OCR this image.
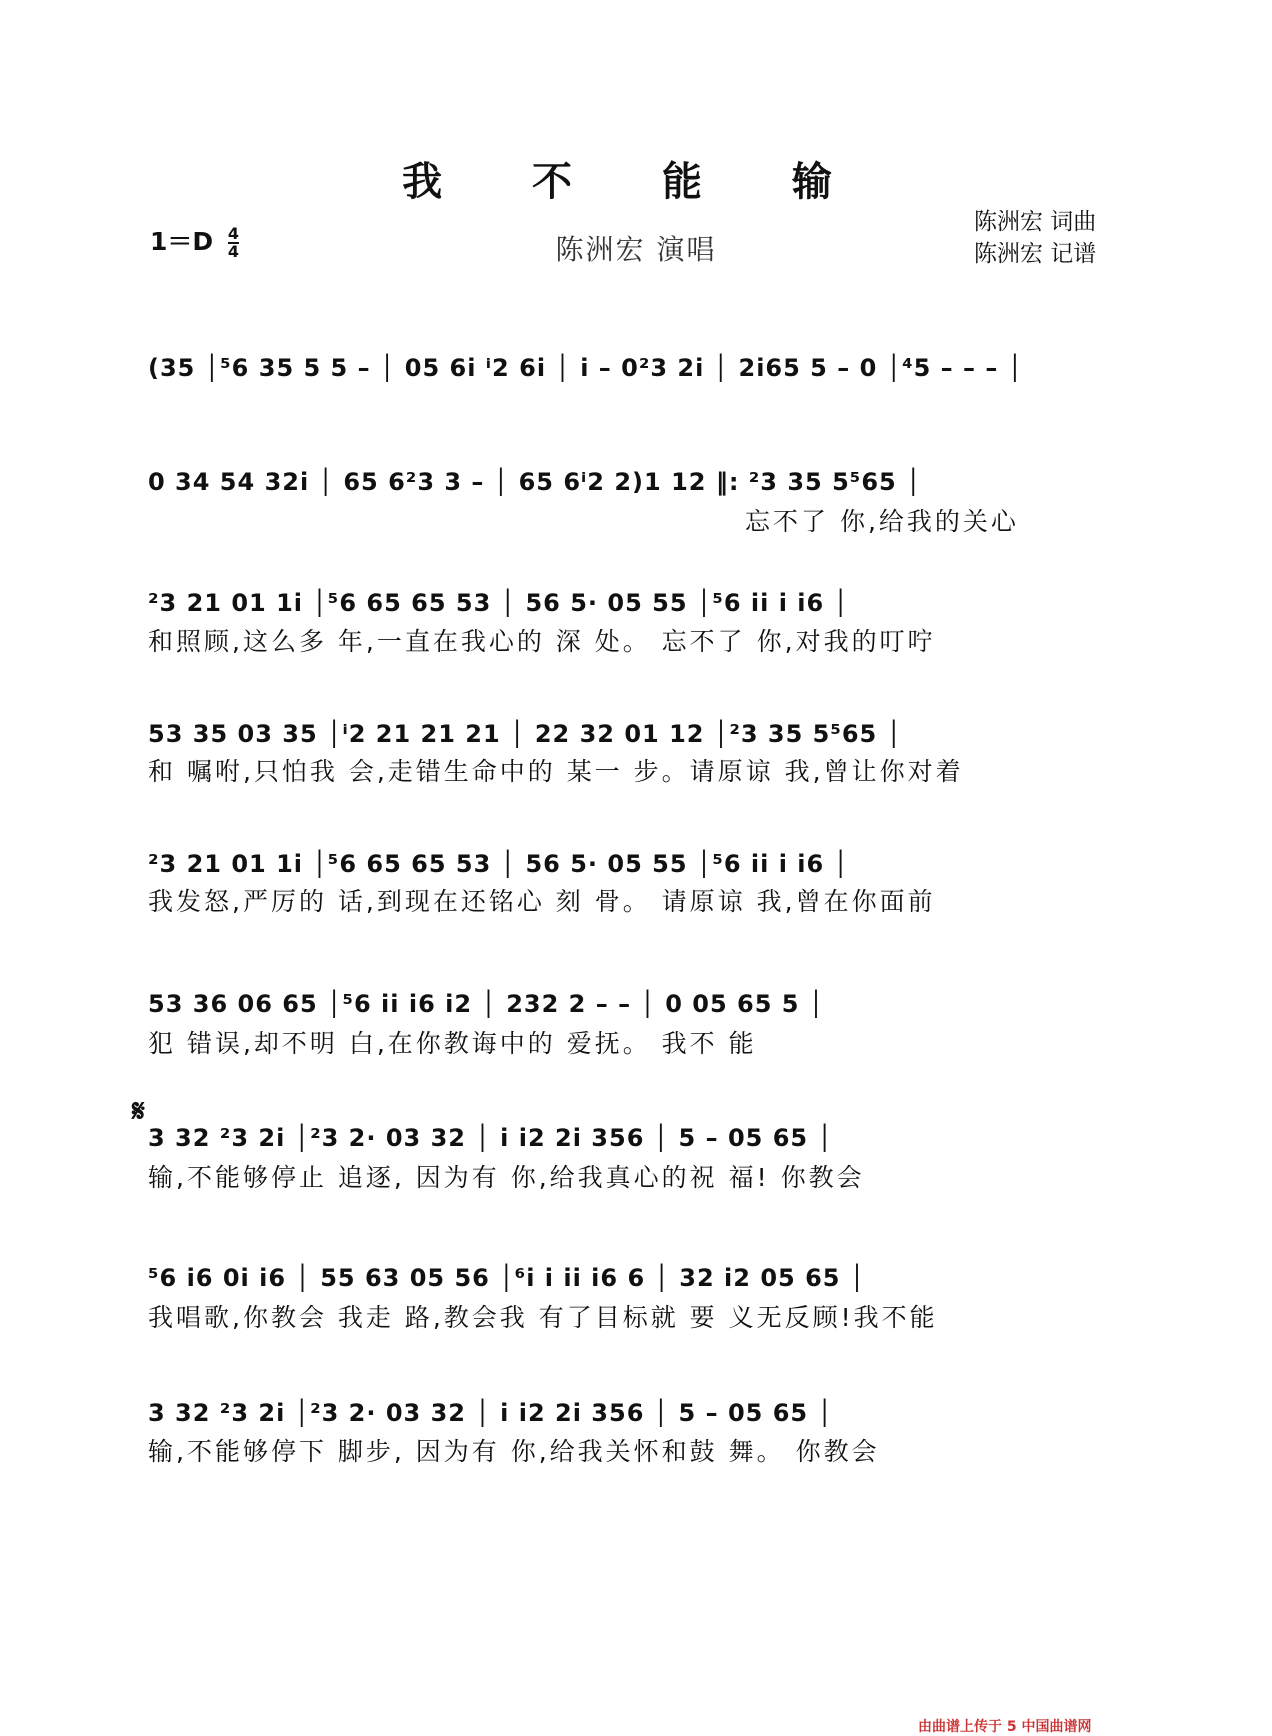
我 不 能 输
$1=D \frac{4}{4}$	陈洲宏 演唱
陈洲宏 词曲
陈洲宏 记谱
(35 │⁵6 35 5 5 – │ 05 6i ⁱ2 6i │ i – 0²3 2i │ 2i65 5 – 0 │⁴5 – – – │
0 34 54 32i │ 65 6²3 3 – │ 65 6ⁱ2 2)1 12 ‖: ²3 35 5⁵65 │
忘不了 你,给我的关心
²3 21 01 1i │⁵6 65 65 53 │ 56 5· 05 55 │⁵6 ii i i6 │
和照顾,这么多 年,一直在我心的 深 处。 忘不了 你,对我的叮咛
53 35 03 35 │ⁱ2 21 21 21 │ 22 32 01 12 │²3 35 5⁵65 │
和 嘱咐,只怕我 会,走错生命中的 某一 步。请原谅 我,曾让你对着
²3 21 01 1i │⁵6 65 65 53 │ 56 5· 05 55 │⁵6 ii i i6 │
我发怒,严厉的 话,到现在还铭心 刻 骨。 请原谅 我,曾在你面前
53 36 06 65 │⁵6 ii i6 i2 │ 232 2 – – │ 0 05 65 5 │
犯 错误,却不明 白,在你教诲中的 爱抚。 我不 能
𝄋
3 32 ²3 2i │²3 2· 03 32 │ i i2 2i 356 │ 5 – 05 65 │
输,不能够停止 追逐, 因为有 你,给我真心的祝 福! 你教会
⁵6 i6 0i i6 │ 55 63 05 56 │⁶i i ii i6 6 │ 32 i2 05 65 │
我唱歌,你教会 我走 路,教会我 有了目标就 要 义无反顾!我不能
3 32 ²3 2i │²3 2· 03 32 │ i i2 2i 356 │ 5 – 05 65 │
输,不能够停下 脚步, 因为有 你,给我关怀和鼓 舞。 你教会
由曲谱上传于 5 中国曲谱网
